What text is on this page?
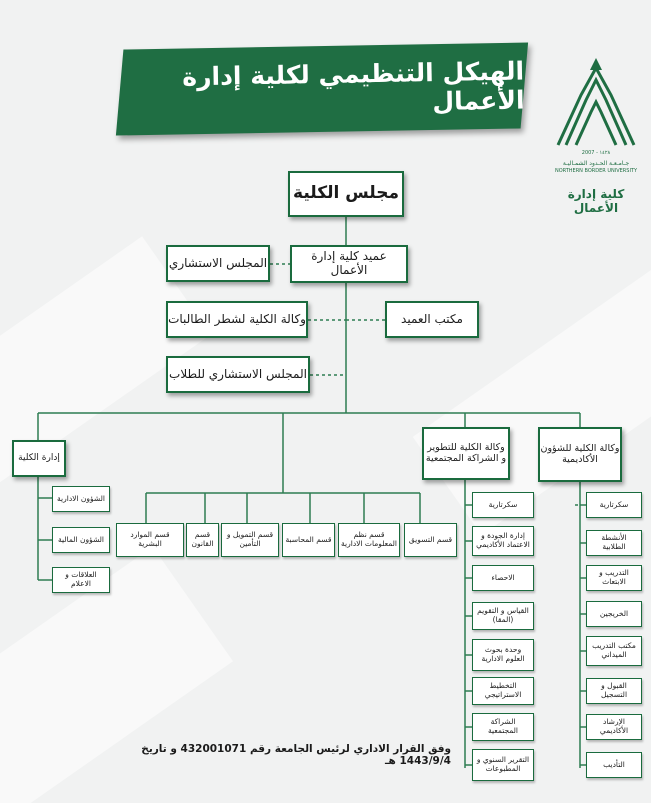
الهيكل التنظيمي لكلية إدارة الأعمال
2007 - ١٤٢٨
جـامـعـة الحـدود الشمـاليـة
NORTHERN BORDER UNIVERSITY
كلية إدارة الأعمال
مجلس الكلية
عميد كلية إدارة الأعمال
المجلس الاستشاري
مكتب العميد
وكالة الكلية لشطر الطالبات
المجلس الاستشاري للطلاب
إدارة الكلية
وكالة الكلية للتطوير و الشراكة المجتمعية
وكالة الكلية للشؤون الأكاديمية
الشؤون الادارية
الشؤون المالية
العلاقات و الاعلام
قسم التسويق
قسم نظم المعلومات الادارية
قسم المحاسبة
قسم التمويل و التأمين
قسم القانون
قسم الموارد البشرية
سكرتارية
إدارة الجودة و الاعتماد الأكاديمي
الاحصاء
القياس و التقويم (المقا)
وحدة بحوث العلوم الادارية
التخطيط الاستراتيجي
الشراكة المجتمعية
التقرير السنوي و المطبوعات
سكرتارية
الأنشطة الطلابية
التدريب و الابتعاث
الخريجين
مكتب التدريب الميداني
القبول و التسجيل
الإرشاد الأكاديمي
التأديب
وفق القرار الاداري لرئيس الجامعة رقم 432001071 و تاريخ 1443/9/4 هـ
